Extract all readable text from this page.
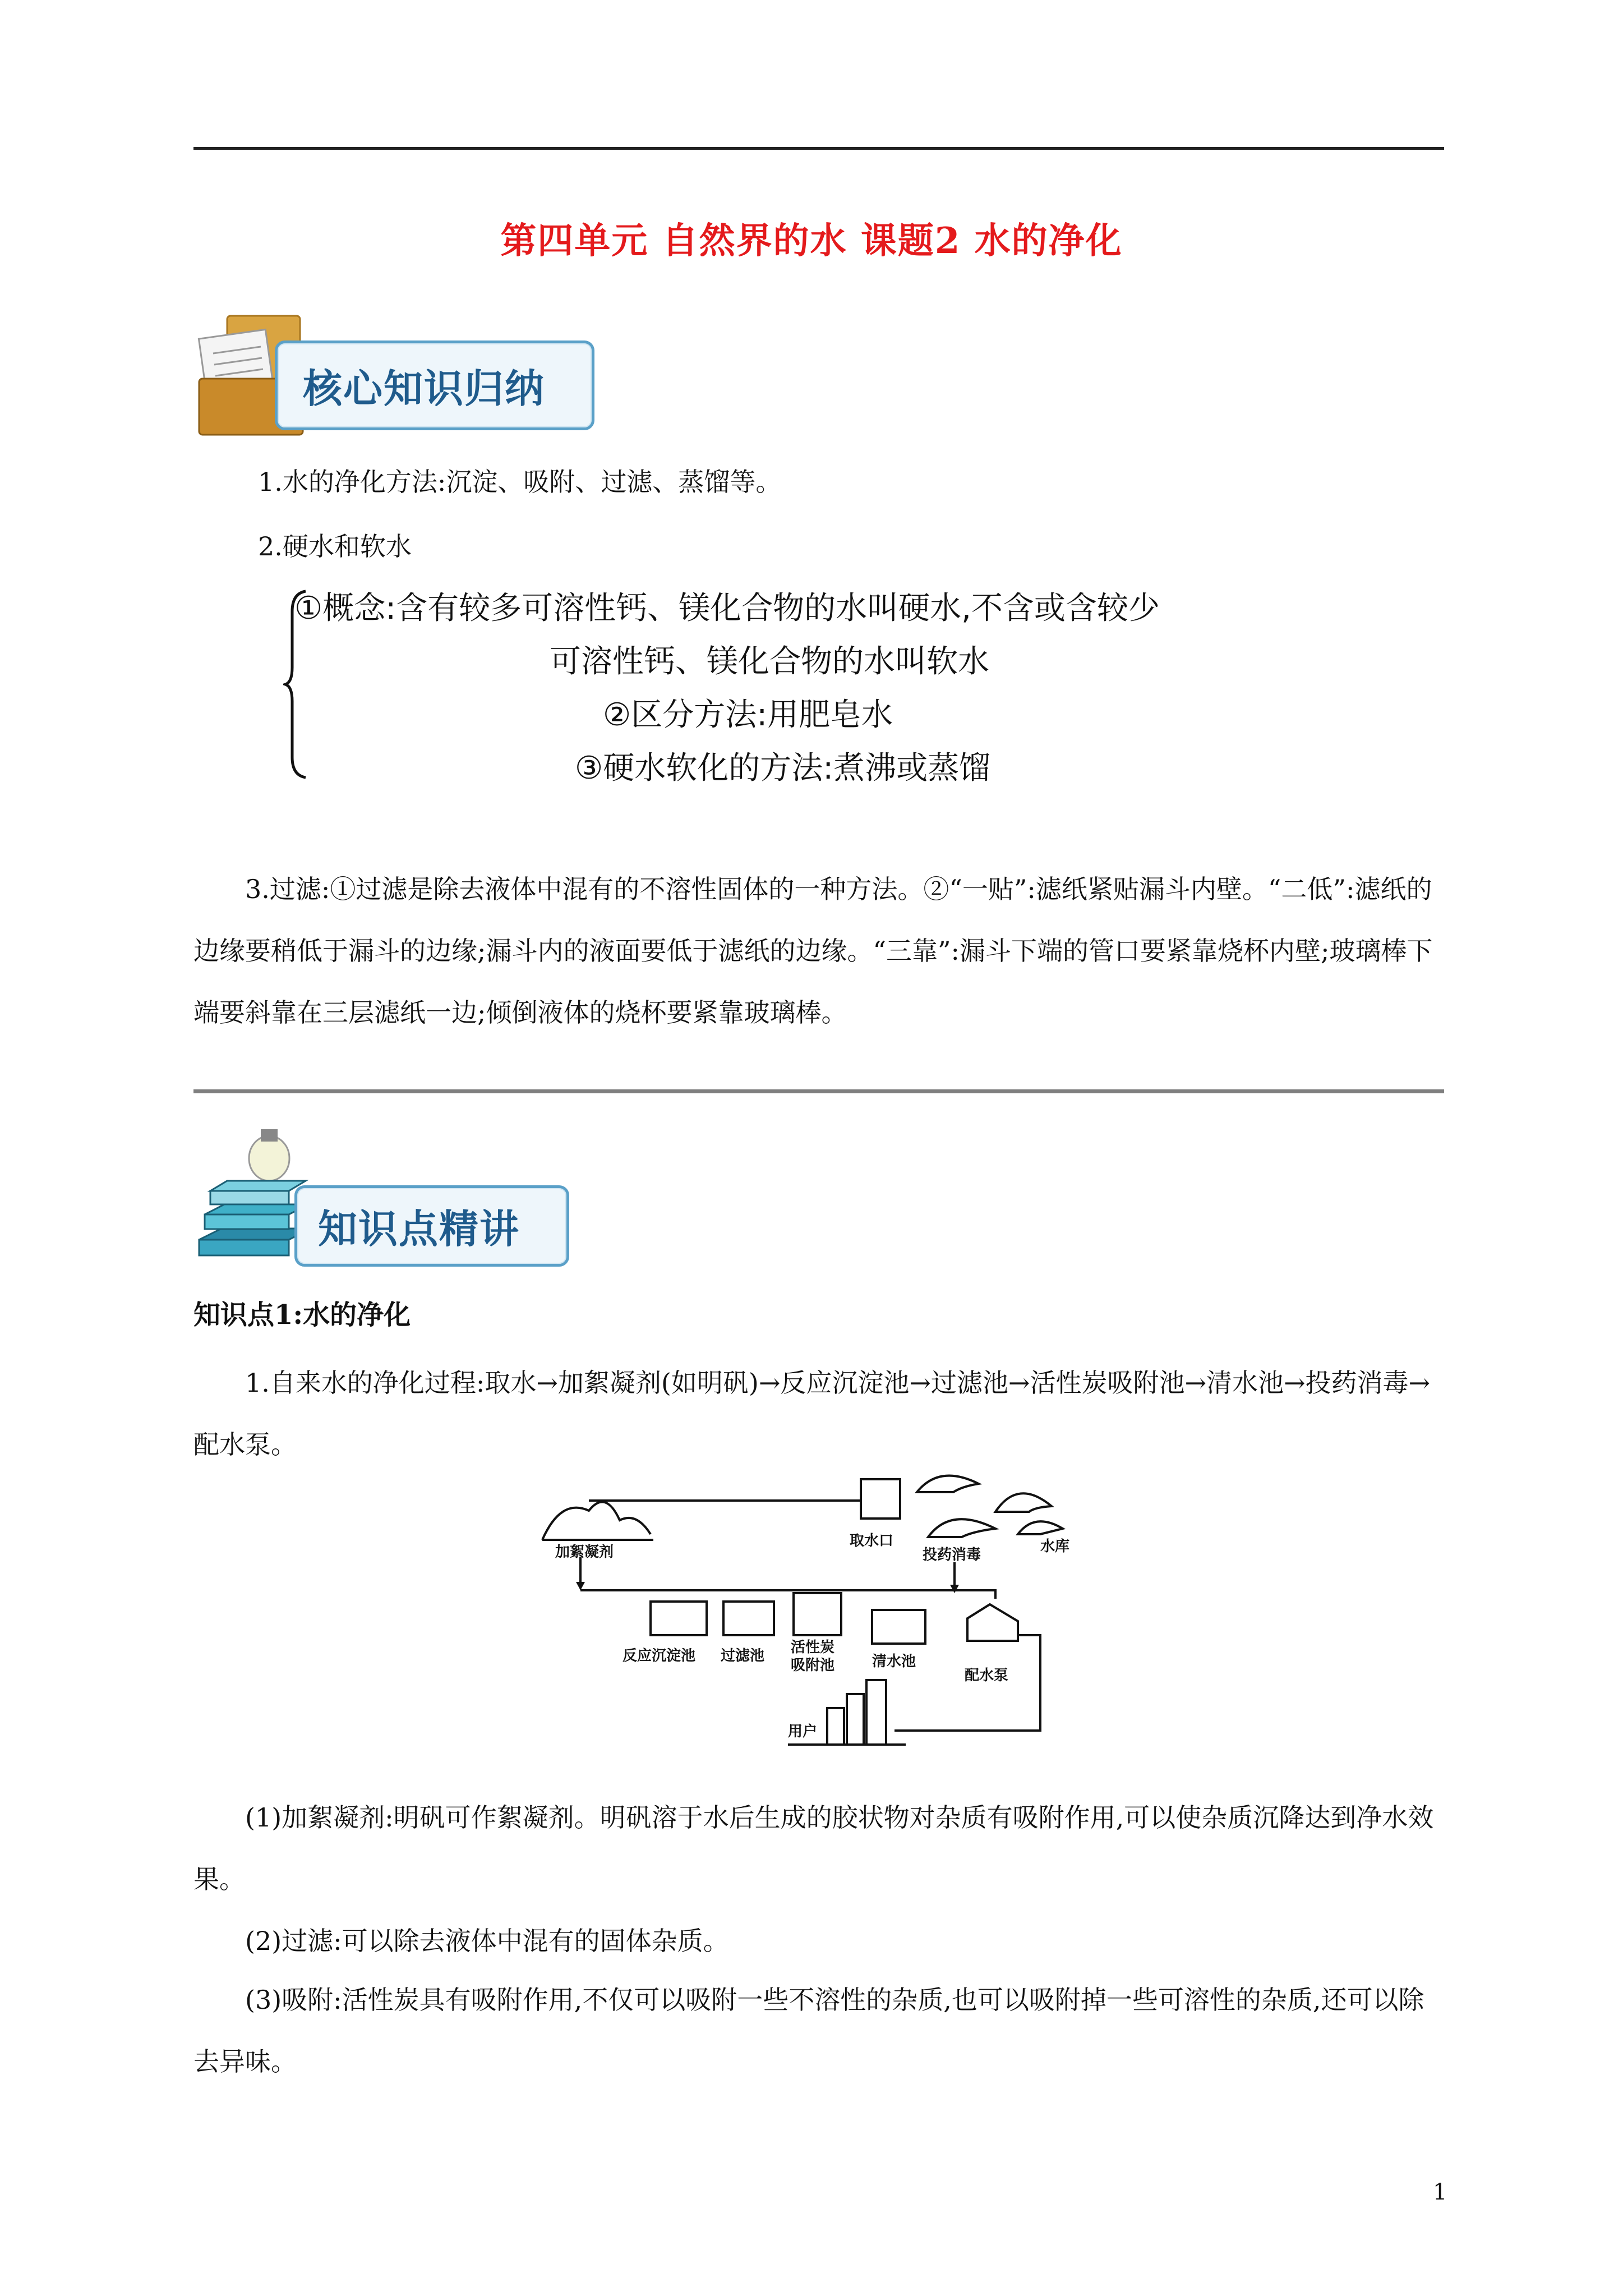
第四单元 自然界的水 课题2 水的净化
核心知识归纳
1.水的净化方法:沉淀、吸附、过滤、蒸馏等。
2.硬水和软水
①概念:含有较多可溶性钙、镁化合物的水叫硬水,不含或含较少
可溶性钙、镁化合物的水叫软水
②区分方法:用肥皂水
③硬水软化的方法:煮沸或蒸馏
3.过滤:①过滤是除去液体中混有的不溶性固体的一种方法。②“一贴”:滤纸紧贴漏斗内壁。“二低”:滤纸的边缘要稍低于漏斗的边缘;漏斗内的液面要低于滤纸的边缘。“三靠”:漏斗下端的管口要紧靠烧杯内壁;玻璃棒下端要斜靠在三层滤纸一边;倾倒液体的烧杯要紧靠玻璃棒。
知识点精讲
知识点1:水的净化
1.自来水的净化过程:取水→加絮凝剂(如明矾)→反应沉淀池→过滤池→活性炭吸附池→清水池→投药消毒→配水泵。
取水口	水库
加絮凝剂	投药消毒
反应沉淀池 过滤池 活性炭
吸附池	清水池
配水泵
用户
(1)加絮凝剂:明矾可作絮凝剂。明矾溶于水后生成的胶状物对杂质有吸附作用,可以使杂质沉降达到净水效果。
(2)过滤:可以除去液体中混有的固体杂质。
(3)吸附:活性炭具有吸附作用,不仅可以吸附一些不溶性的杂质,也可以吸附掉一些可溶性的杂质,还可以除去异味。
1
